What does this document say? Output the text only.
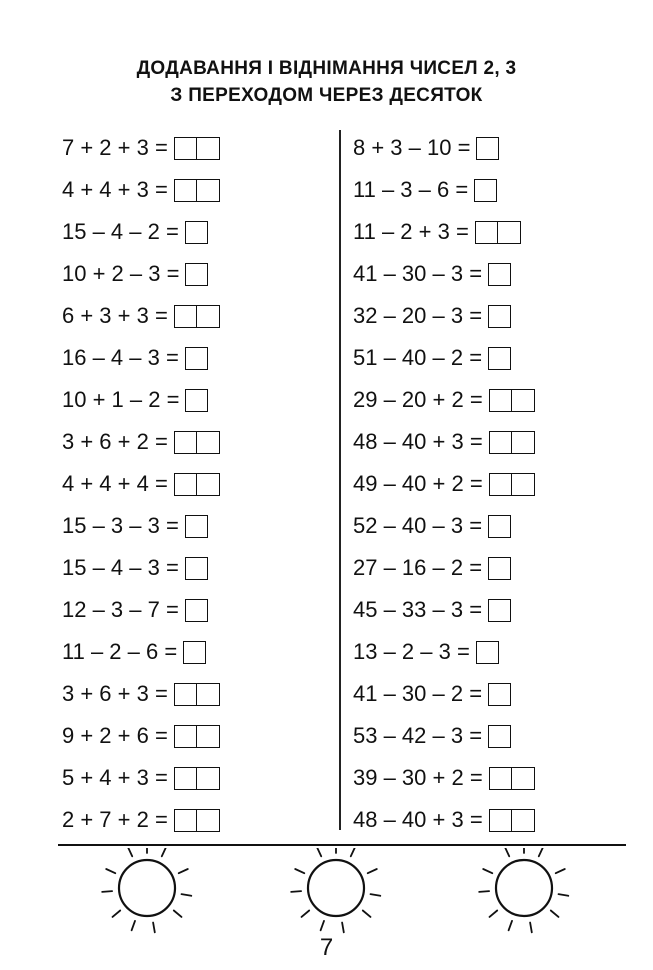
ДОДАВАННЯ І ВІДНІМАННЯ ЧИСЕЛ 2, 3
З ПЕРЕХОДОМ ЧЕРЕЗ ДЕСЯТОК
7 + 2 + 3 =
4 + 4 + 3 =
15 – 4 – 2 =
10 + 2 – 3 =
6 + 3 + 3 =
16 – 4 – 3 =
10 + 1 – 2 =
3 + 6 + 2 =
4 + 4 + 4 =
15 – 3 – 3 =
15 – 4 – 3 =
12 – 3 – 7 =
11 – 2 – 6 =
3 + 6 + 3 =
9 + 2 + 6 =
5 + 4 + 3 =
2 + 7 + 2 =
8 + 3 – 10 =
11 – 3 – 6 =
11 – 2 + 3 =
41 – 30 – 3 =
32 – 20 – 3 =
51 – 40 – 2 =
29 – 20 + 2 =
48 – 40 + 3 =
49 – 40 + 2 =
52 – 40 – 3 =
27 – 16 – 2 =
45 – 33 – 3 =
13 – 2 – 3 =
41 – 30 – 2 =
53 – 42 – 3 =
39 – 30 + 2 =
48 – 40 + 3 =
7
